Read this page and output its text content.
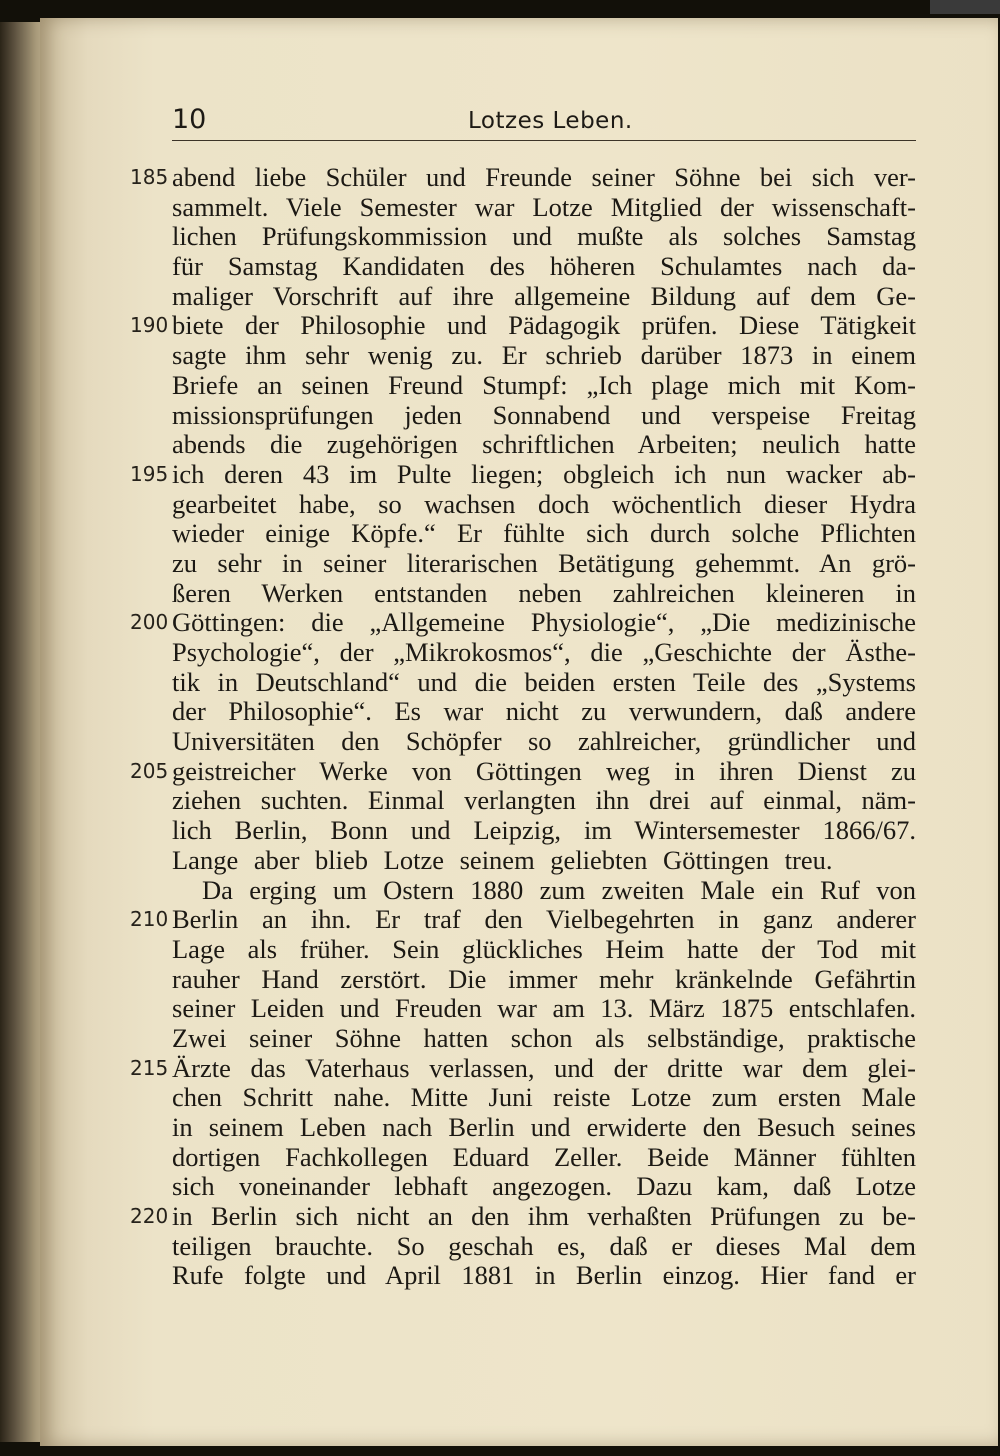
10	Lotzes Leben.
185 abend liebe Schüler und Freunde seiner Söhne bei sich ver-
sammelt. Viele Semester war Lotze Mitglied der wissenschaft-
lichen Prüfungskommission und mußte als solches Samstag
für Samstag Kandidaten des höheren Schulamtes nach da-
maliger Vorschrift auf ihre allgemeine Bildung auf dem Ge-
190 biete der Philosophie und Pädagogik prüfen. Diese Tätigkeit
sagte ihm sehr wenig zu. Er schrieb darüber 1873 in einem
Briefe an seinen Freund Stumpf: „Ich plage mich mit Kom-
missionsprüfungen jeden Sonnabend und verspeise Freitag
abends die zugehörigen schriftlichen Arbeiten; neulich hatte
195 ich deren 43 im Pulte liegen; obgleich ich nun wacker ab-
gearbeitet habe, so wachsen doch wöchentlich dieser Hydra
wieder einige Köpfe.“ Er fühlte sich durch solche Pflichten
zu sehr in seiner literarischen Betätigung gehemmt. An grö-
ßeren Werken entstanden neben zahlreichen kleineren in
200 Göttingen: die „Allgemeine Physiologie“, „Die medizinische
Psychologie“, der „Mikrokosmos“, die „Geschichte der Ästhe-
tik in Deutschland“ und die beiden ersten Teile des „Systems
der Philosophie“. Es war nicht zu verwundern, daß andere
Universitäten den Schöpfer so zahlreicher, gründlicher und
205 geistreicher Werke von Göttingen weg in ihren Dienst zu
ziehen suchten. Einmal verlangten ihn drei auf einmal, näm-
lich Berlin, Bonn und Leipzig, im Wintersemester 1866/67.
Lange aber blieb Lotze seinem geliebten Göttingen treu.
Da erging um Ostern 1880 zum zweiten Male ein Ruf von
210 Berlin an ihn. Er traf den Vielbegehrten in ganz anderer
Lage als früher. Sein glückliches Heim hatte der Tod mit
rauher Hand zerstört. Die immer mehr kränkelnde Gefährtin
seiner Leiden und Freuden war am 13. März 1875 entschlafen.
Zwei seiner Söhne hatten schon als selbständige, praktische
215 Ärzte das Vaterhaus verlassen, und der dritte war dem glei-
chen Schritt nahe. Mitte Juni reiste Lotze zum ersten Male
in seinem Leben nach Berlin und erwiderte den Besuch seines
dortigen Fachkollegen Eduard Zeller. Beide Männer fühlten
sich voneinander lebhaft angezogen. Dazu kam, daß Lotze
220 in Berlin sich nicht an den ihm verhaßten Prüfungen zu be-
teiligen brauchte. So geschah es, daß er dieses Mal dem
Rufe folgte und April 1881 in Berlin einzog. Hier fand er
